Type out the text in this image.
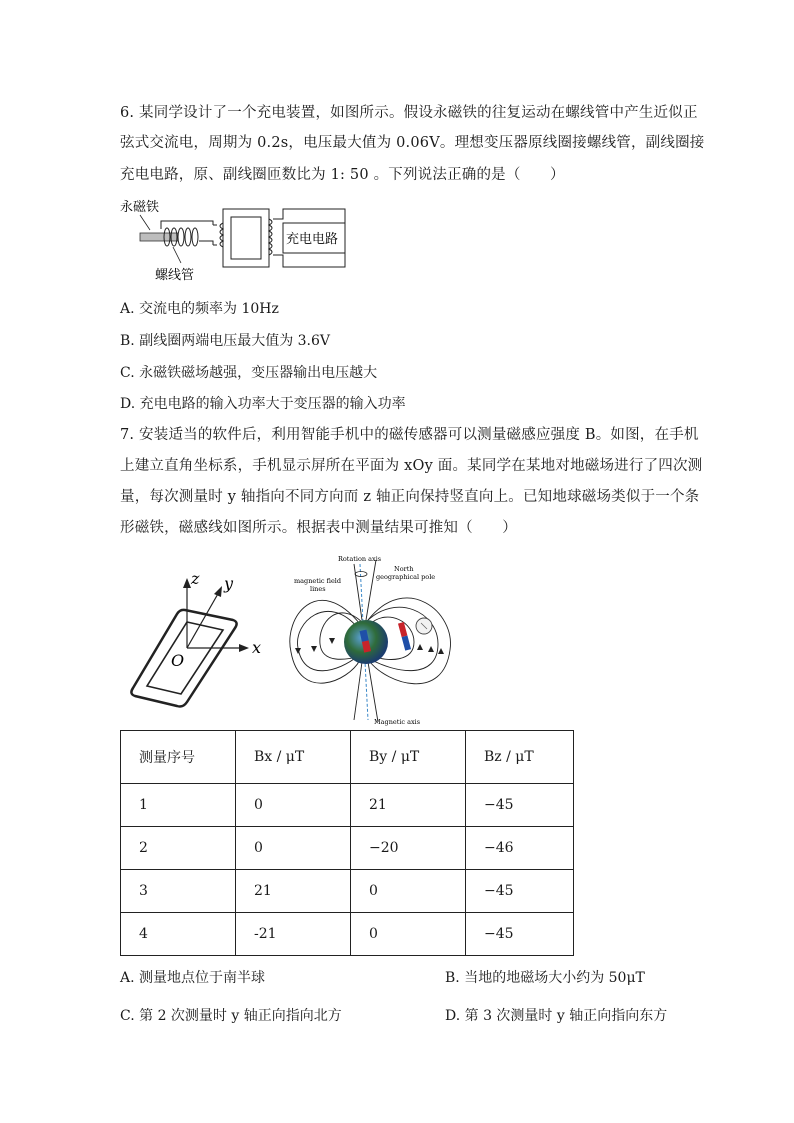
6. 某同学设计了一个充电装置，如图所示。假设永磁铁的往复运动在螺线管中产生近似正
弦式交流电，周期为 0.2s，电压最大值为 0.06V。理想变压器原线圈接螺线管，副线圈接
充电电路，原、副线圈匝数比为 1: 50 。下列说法正确的是（　　）
永磁铁
充电电路
螺线管
A. 交流电的频率为 10Hz
B. 副线圈两端电压最大值为 3.6V
C. 永磁铁磁场越强，变压器输出电压越大
D. 充电电路的输入功率大于变压器的输入功率
7. 安装适当的软件后，利用智能手机中的磁传感器可以测量磁感应强度 B。如图，在手机
上建立直角坐标系，手机显示屏所在平面为 xOy 面。某同学在某地对地磁场进行了四次测
量，每次测量时 y 轴指向不同方向而 z 轴正向保持竖直向上。已知地球磁场类似于一个条
形磁铁，磁感线如图所示。根据表中测量结果可推知（　　）
z y
x
O
Rotation axis
North
geographical pole
magnetic field
lines
Magnetic axis
测量序号	Bx / μT	By / μT	Bz / μT
1	0	21	−45
2	0	−20	−46
3	21	0	−45
4	-21	0	−45
A. 测量地点位于南半球	B. 当地的地磁场大小约为 50μT
C. 第 2 次测量时 y 轴正向指向北方	D. 第 3 次测量时 y 轴正向指向东方
